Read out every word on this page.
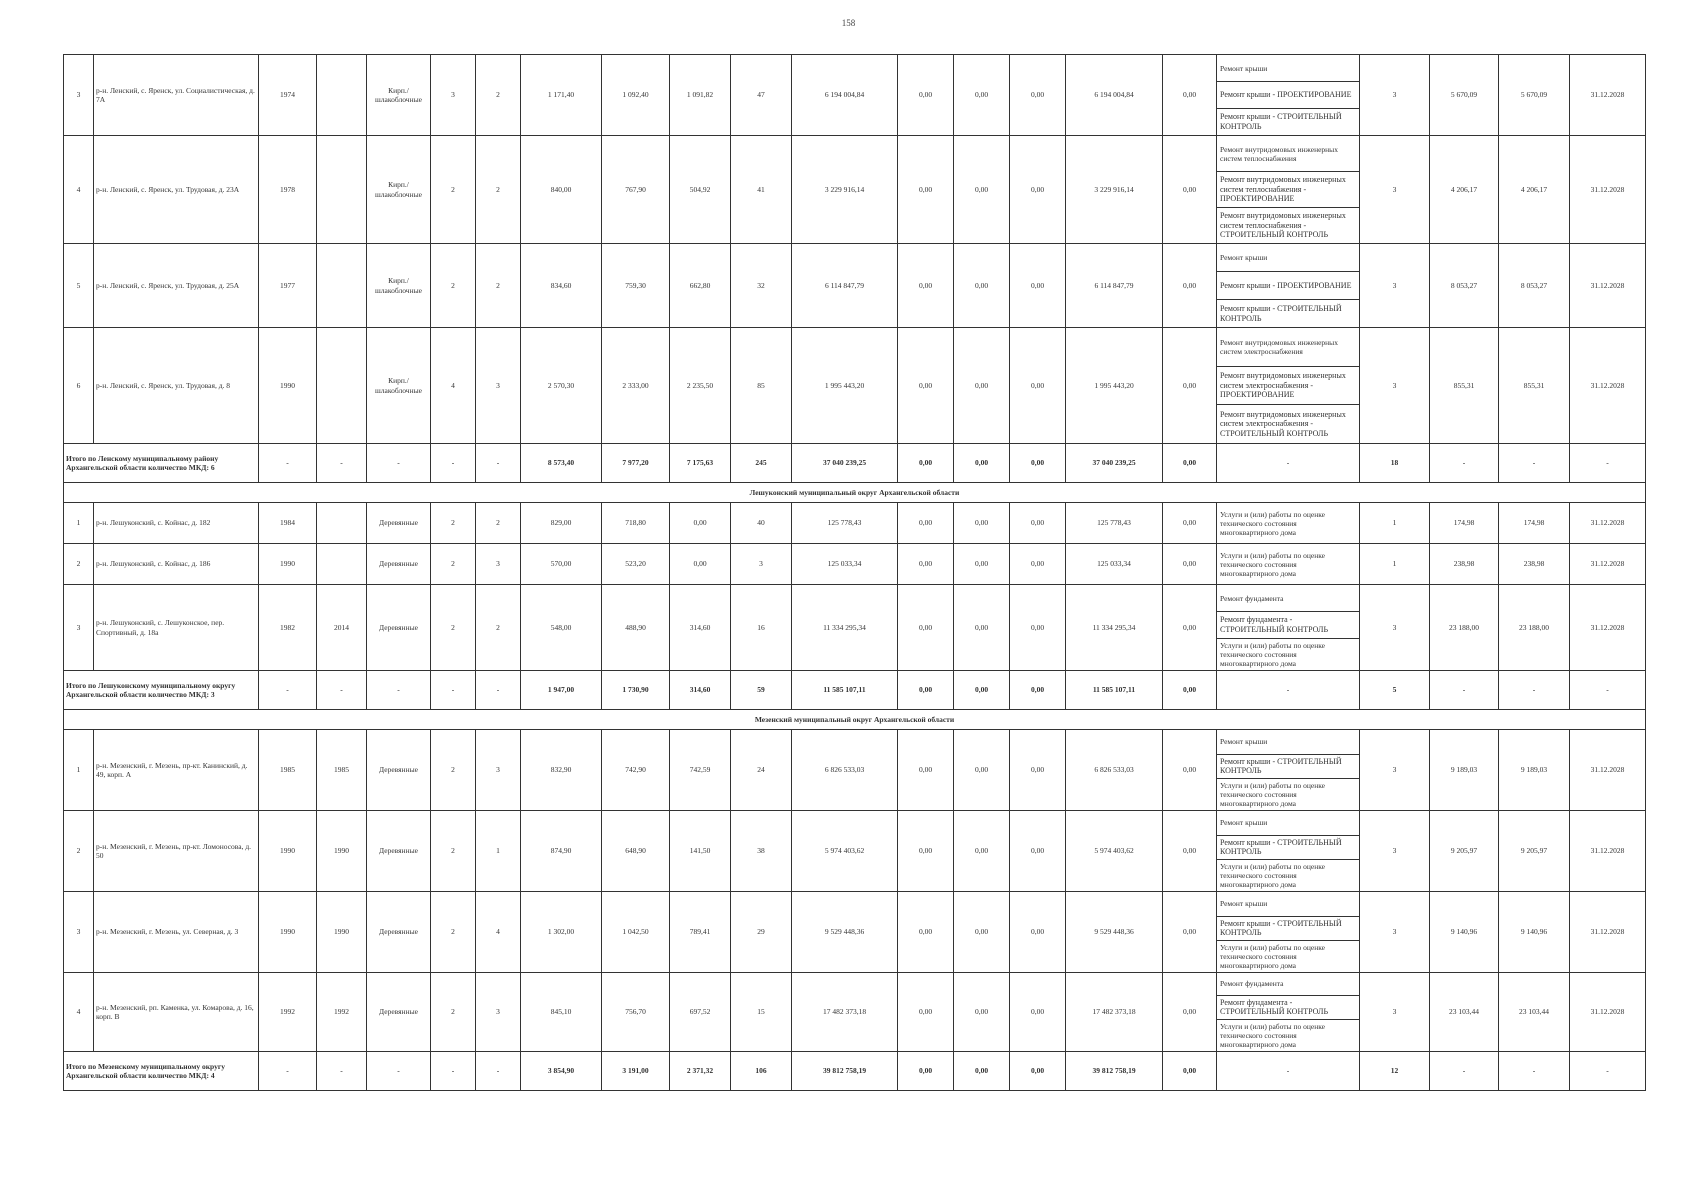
158
3	р-н. Ленский, с. Яренск, ул. Социалистическая, д. 7А	1974		Кирп./ шлакоблочные	3	2	1 171,40	1 092,40	1 091,82	47	6 194 004,84	0,00	0,00	0,00	6 194 004,84	0,00	Ремонт крыши
Ремонт крыши - ПРОЕКТИРОВАНИЕ
Ремонт крыши - СТРОИТЕЛЬНЫЙ КОНТРОЛЬ	3	5 670,09	5 670,09	31.12.2028
4	р-н. Ленский, с. Яренск, ул. Трудовая, д. 23А	1978		Кирп./ шлакоблочные	2	2	840,00	767,90	504,92	41	3 229 916,14	0,00	0,00	0,00	3 229 916,14	0,00	Ремонт внутридомовых инженерных систем теплоснабжения
Ремонт внутридомовых инженерных систем теплоснабжения - ПРОЕКТИРОВАНИЕ
Ремонт внутридомовых инженерных систем теплоснабжения - СТРОИТЕЛЬНЫЙ КОНТРОЛЬ	3	4 206,17	4 206,17	31.12.2028
5	р-н. Ленский, с. Яренск, ул. Трудовая, д. 25А	1977		Кирп./ шлакоблочные	2	2	834,60	759,30	662,80	32	6 114 847,79	0,00	0,00	0,00	6 114 847,79	0,00	Ремонт крыши
Ремонт крыши - ПРОЕКТИРОВАНИЕ
Ремонт крыши - СТРОИТЕЛЬНЫЙ КОНТРОЛЬ	3	8 053,27	8 053,27	31.12.2028
6	р-н. Ленский, с. Яренск, ул. Трудовая, д. 8	1990		Кирп./ шлакоблочные	4	3	2 570,30	2 333,00	2 235,50	85	1 995 443,20	0,00	0,00	0,00	1 995 443,20	0,00	Ремонт внутридомовых инженерных систем электроснабжения
Ремонт внутридомовых инженерных систем электроснабжения - ПРОЕКТИРОВАНИЕ
Ремонт внутридомовых инженерных систем электроснабжения - СТРОИТЕЛЬНЫЙ КОНТРОЛЬ	3	855,31	855,31	31.12.2028
Итого по Ленскому муниципальному району Архангельской области количество МКД: 6		-	-	-	-	-	8 573,40	7 977,20	7 175,63	245	37 040 239,25	0,00	0,00	0,00	37 040 239,25	0,00	-	18	-	-	-
Лешуконский муниципальный округ Архангельской области																					
1	р-н. Лешуконский, с. Койнас, д. 182	1984		Деревянные	2	2	829,00	718,80	0,00	40	125 778,43	0,00	0,00	0,00	125 778,43	0,00	Услуги и (или) работы по оценке технического состояния многоквартирного дома	1	174,98	174,98	31.12.2028
2	р-н. Лешуконский, с. Койнас, д. 186	1990		Деревянные	2	3	570,00	523,20	0,00	3	125 033,34	0,00	0,00	0,00	125 033,34	0,00	Услуги и (или) работы по оценке технического состояния многоквартирного дома	1	238,98	238,98	31.12.2028
3	р-н. Лешуконский, с. Лешуконское, пер. Спортивный, д. 18а	1982	2014	Деревянные	2	2	548,00	488,90	314,60	16	11 334 295,34	0,00	0,00	0,00	11 334 295,34	0,00	Ремонт фундамента
Ремонт фундамента - СТРОИТЕЛЬНЫЙ КОНТРОЛЬ
Услуги и (или) работы по оценке технического состояния многоквартирного дома	3	23 188,00	23 188,00	31.12.2028
Итого по Лешуконскому муниципальному округу Архангельской области количество МКД: 3		-	-	-	-	-	1 947,00	1 730,90	314,60	59	11 585 107,11	0,00	0,00	0,00	11 585 107,11	0,00	-	5	-	-	-
Мезенский муниципальный округ Архангельской области																					
1	р-н. Мезенский, г. Мезень, пр-кт. Канинский, д. 49, корп. А	1985	1985	Деревянные	2	3	832,90	742,90	742,59	24	6 826 533,03	0,00	0,00	0,00	6 826 533,03	0,00	Ремонт крыши
Ремонт крыши - СТРОИТЕЛЬНЫЙ КОНТРОЛЬ
Услуги и (или) работы по оценке технического состояния многоквартирного дома	3	9 189,03	9 189,03	31.12.2028
2	р-н. Мезенский, г. Мезень, пр-кт. Ломоносова, д. 50	1990	1990	Деревянные	2	1	874,90	648,90	141,50	38	5 974 403,62	0,00	0,00	0,00	5 974 403,62	0,00	Ремонт крыши
Ремонт крыши - СТРОИТЕЛЬНЫЙ КОНТРОЛЬ
Услуги и (или) работы по оценке технического состояния многоквартирного дома	3	9 205,97	9 205,97	31.12.2028
3	р-н. Мезенский, г. Мезень, ул. Северная, д. 3	1990	1990	Деревянные	2	4	1 302,00	1 042,50	789,41	29	9 529 448,36	0,00	0,00	0,00	9 529 448,36	0,00	Ремонт крыши
Ремонт крыши - СТРОИТЕЛЬНЫЙ КОНТРОЛЬ
Услуги и (или) работы по оценке технического состояния многоквартирного дома	3	9 140,96	9 140,96	31.12.2028
4	р-н. Мезенский, рп. Каменка, ул. Комарова, д. 16, корп. В	1992	1992	Деревянные	2	3	845,10	756,70	697,52	15	17 482 373,18	0,00	0,00	0,00	17 482 373,18	0,00	Ремонт фундамента
Ремонт фундамента - СТРОИТЕЛЬНЫЙ КОНТРОЛЬ
Услуги и (или) работы по оценке технического состояния многоквартирного дома	3	23 103,44	23 103,44	31.12.2028
Итого по Мезенскому муниципальному округу Архангельской области количество МКД: 4		-	-	-	-	-	3 854,90	3 191,00	2 371,32	106	39 812 758,19	0,00	0,00	0,00	39 812 758,19	0,00	-	12	-	-	-
